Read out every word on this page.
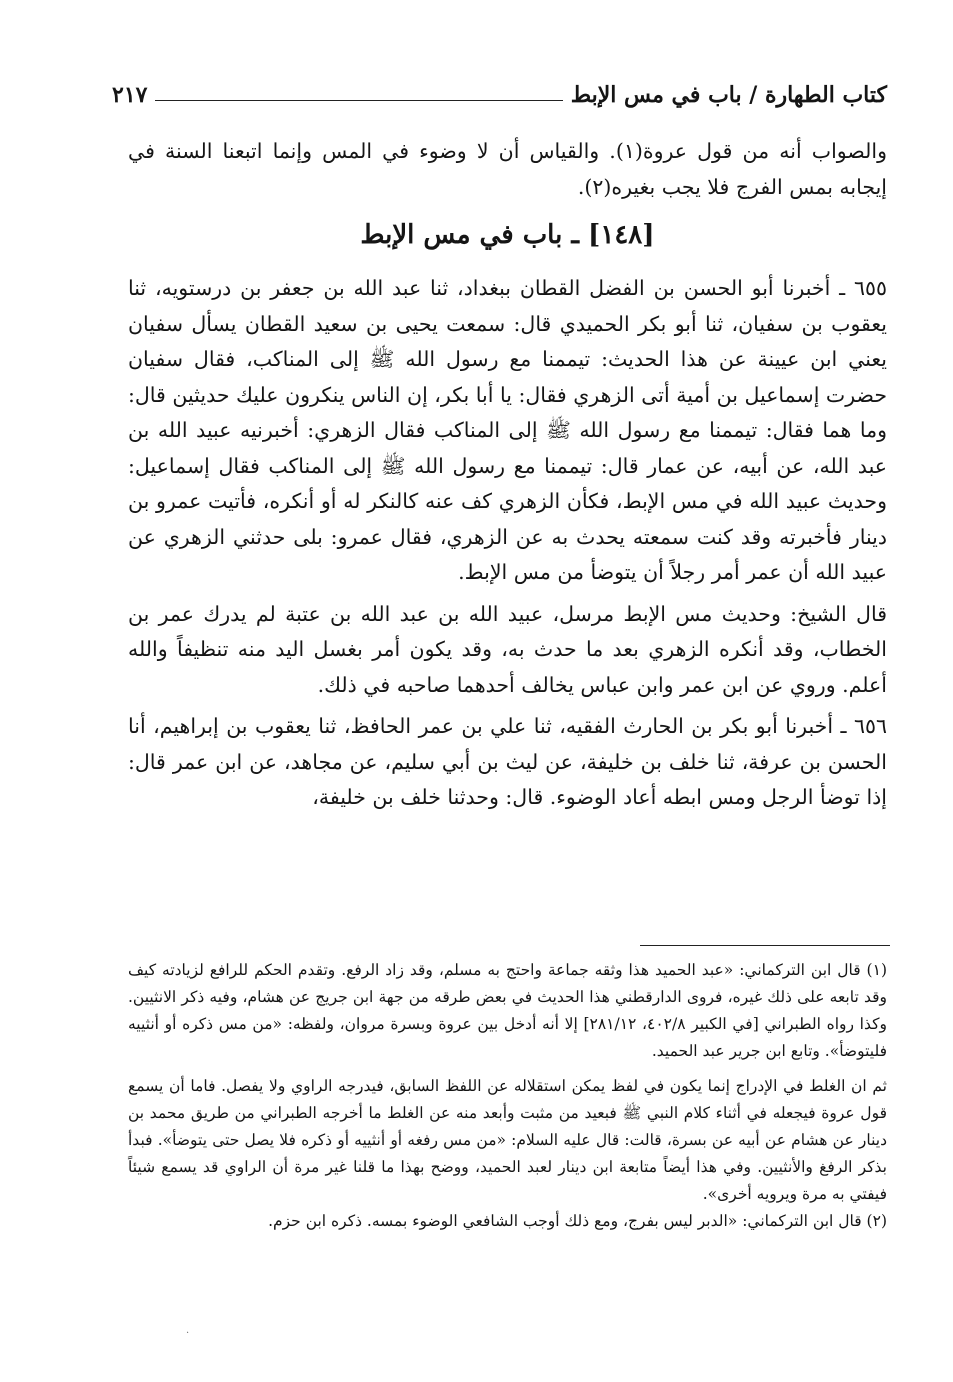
كتاب الطهارة / باب في مس الإبط
٢١٧

والصواب أنه من قول عروة(١). والقياس أن لا وضوء في المس وإنما اتبعنا السنة في إيجابه بمس الفرج فلا يجب بغيره(٢).

[١٤٨] ـ باب في مس الإبط

٦٥٥ ـ أخبرنا أبو الحسن بن الفضل القطان ببغداد، ثنا عبد الله بن جعفر بن درستويه، ثنا يعقوب بن سفيان، ثنا أبو بكر الحميدي قال: سمعت يحيى بن سعيد القطان يسأل سفيان يعني ابن عيينة عن هذا الحديث: تيممنا مع رسول الله ﷺ إلى المناكب، فقال سفيان حضرت إسماعيل بن أمية أتى الزهري فقال: يا أبا بكر، إن الناس ينكرون عليك حديثين قال: وما هما فقال: تيممنا مع رسول الله ﷺ إلى المناكب فقال الزهري: أخبرنيه عبيد الله بن عبد الله، عن أبيه، عن عمار قال: تيممنا مع رسول الله ﷺ إلى المناكب فقال إسماعيل: وحديث عبيد الله في مس الإبط، فكأن الزهري كف عنه كالنكر له أو أنكره، فأتيت عمرو بن دينار فأخبرته وقد كنت سمعته يحدث به عن الزهري، فقال عمرو: بلى حدثني الزهري عن عبيد الله أن عمر أمر رجلاً أن يتوضأ من مس الإبط.

قال الشيخ: وحديث مس الإبط مرسل، عبيد الله بن عبد الله بن عتبة لم يدرك عمر بن الخطاب، وقد أنكره الزهري بعد ما حدث به، وقد يكون أمر بغسل اليد منه تنظيفاً والله أعلم. وروي عن ابن عمر وابن عباس يخالف أحدهما صاحبه في ذلك.

٦٥٦ ـ أخبرنا أبو بكر بن الحارث الفقيه، ثنا علي بن عمر الحافظ، ثنا يعقوب بن إبراهيم، أنا الحسن بن عرفة، ثنا خلف بن خليفة، عن ليث بن أبي سليم، عن مجاهد، عن ابن عمر قال: إذا توضأ الرجل ومس ابطه أعاد الوضوء. قال: وحدثنا خلف بن خليفة،

(١) قال ابن التركماني: «عبد الحميد هذا وثقه جماعة واحتج به مسلم، وقد زاد الرفع. وتقدم الحكم للرافع لزيادته كيف وقد تابعه على ذلك غيره، فروى الدارقطني هذا الحديث في بعض طرقه من جهة ابن جريج عن هشام، وفيه ذكر الانثيين. وكذا رواه الطبراني [في الكبير ٤٠٢/٨، ٢٨١/١٢] إلا أنه أدخل بين عروة وبسرة مروان، ولفظه: «من مس ذكره أو أنثييه فليتوضأ». وتابع ابن جرير عبد الحميد.

ثم ان الغلط في الإدراج إنما يكون في لفظ يمكن استقلاله عن اللفظ السابق، فيدرجه الراوي ولا يفصل. فاما أن يسمع قول عروة فيجعله في أثناء كلام النبي ﷺ فبعيد من مثبت وأبعد منه عن الغلط ما أخرجه الطبراني من طريق محمد بن دينار عن هشام عن أبيه عن بسرة، قالت: قال عليه السلام: «من مس رفغه أو أنثييه أو ذكره فلا يصل حتى يتوضأ». فبدأ بذكر الرفغ والأنثيين. وفي هذا أيضاً متابعة ابن دينار لعبد الحميد، ووضح بهذا ما قلنا غير مرة أن الراوي قد يسمع شيئاً فيفتي به مرة ويرويه أخرى».

(٢) قال ابن التركماني: «الدبر ليس بفرج، ومع ذلك أوجب الشافعي الوضوء بمسه. ذكره ابن حزم.

·
